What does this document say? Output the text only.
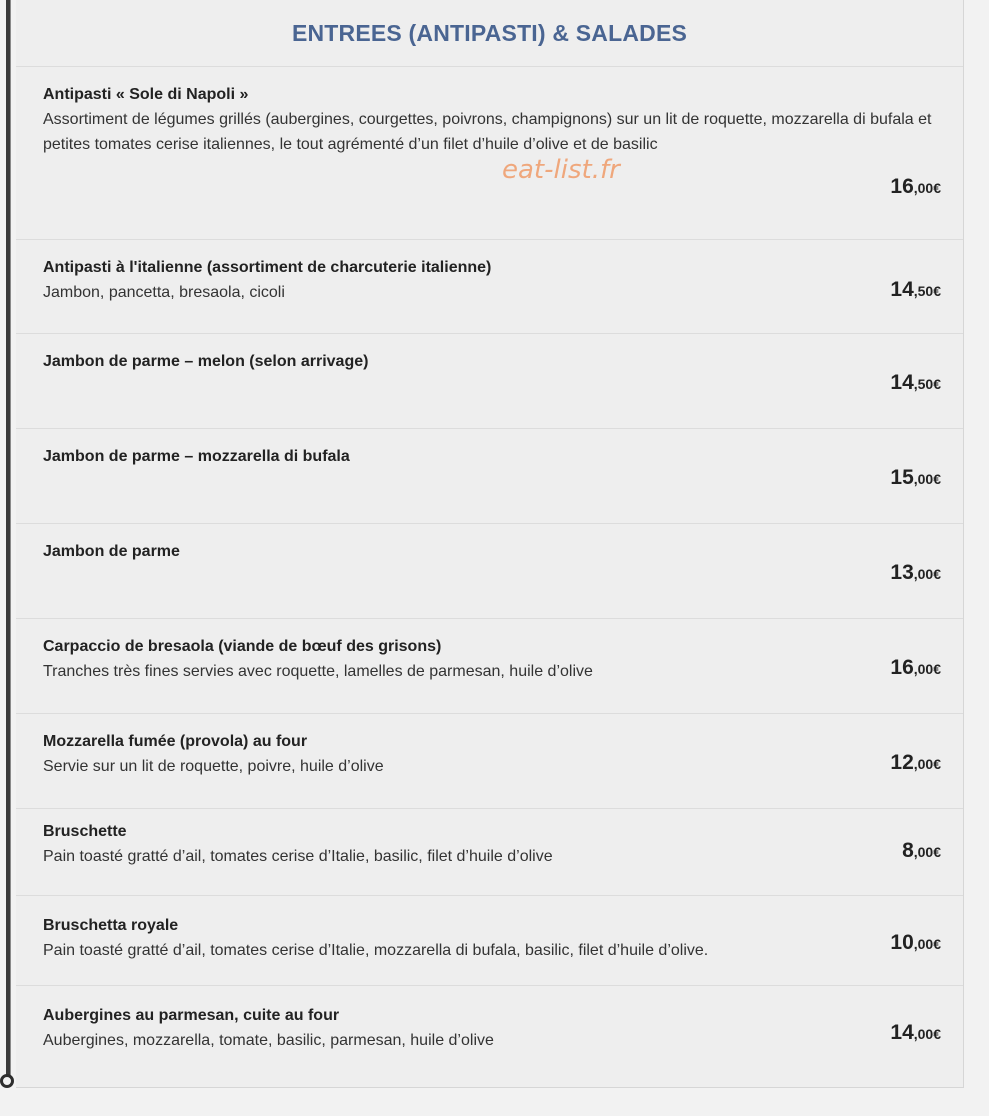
ENTREES (ANTIPASTI) & SALADES
Antipasti « Sole di Napoli »
Assortiment de légumes grillés (aubergines, courgettes, poivrons, champignons) sur un lit de roquette, mozzarella di bufala et petites tomates cerise italiennes, le tout agrémenté d’un filet d’huile d’olive et de basilic
16,00€
Antipasti à l'italienne (assortiment de charcuterie italienne)
Jambon, pancetta, bresaola, cicoli	14,50€
Jambon de parme – melon (selon arrivage)
14,50€
Jambon de parme – mozzarella di bufala
15,00€
Jambon de parme
13,00€
Carpaccio de bresaola (viande de bœuf des grisons)
Tranches très fines servies avec roquette, lamelles de parmesan, huile d’olive	16,00€
Mozzarella fumée (provola) au four
Servie sur un lit de roquette, poivre, huile d’olive	12,00€
Bruschette
Pain toasté gratté d’ail, tomates cerise d’Italie, basilic, filet d’huile d’olive	8,00€
Bruschetta royale
Pain toasté gratté d’ail, tomates cerise d’Italie, mozzarella di bufala, basilic, filet d’huile d’olive.	10,00€
Aubergines au parmesan, cuite au four
Aubergines, mozzarella, tomate, basilic, parmesan, huile d’olive	14,00€
eat-list.fr
